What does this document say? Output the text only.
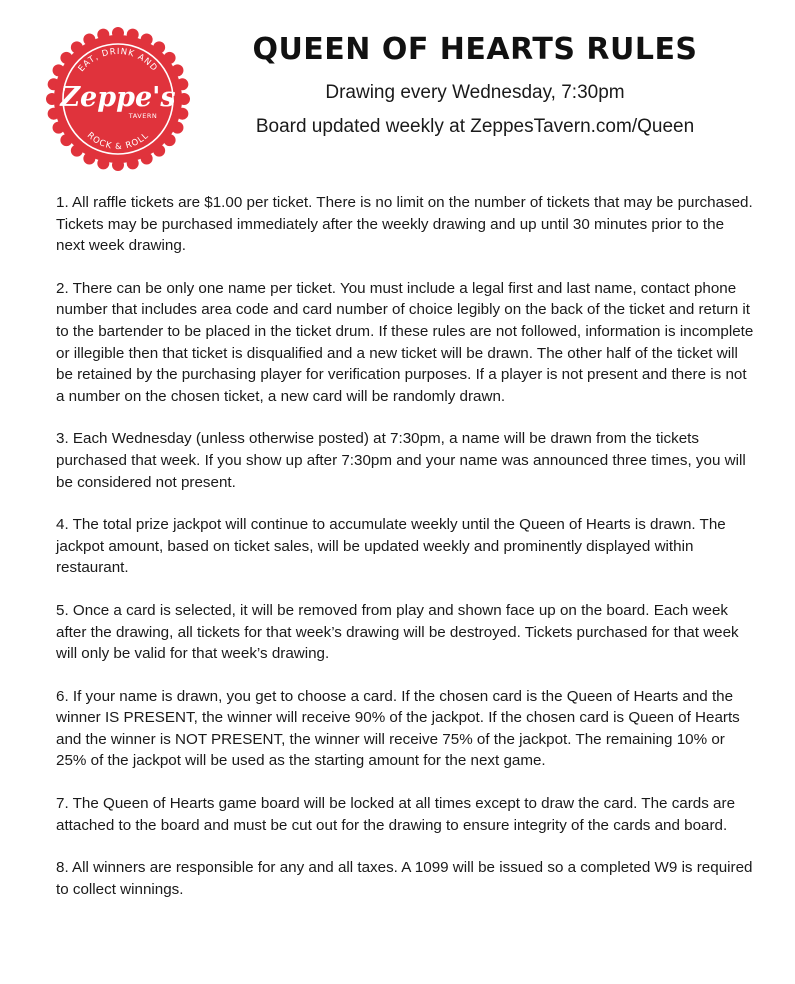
EAT, DRINK AND
Zeppe's
TAVERN
ROCK & ROLL
QUEEN OF HEARTS RULES

Drawing every Wednesday, 7:30pm

Board updated weekly at ZeppesTavern.com/Queen

1. All raffle tickets are $1.00 per ticket. There is no limit on the number of tickets that may be purchased. Tickets may be purchased immediately after the weekly drawing and up until 30 minutes prior to the next week drawing.

2. There can be only one name per ticket. You must include a legal first and last name, contact phone number that includes area code and card number of choice legibly on the back of the ticket and return it to the bartender to be placed in the ticket drum. If these rules are not followed, information is incomplete or illegible then that ticket is disqualified and a new ticket will be drawn. The other half of the ticket will be retained by the purchasing player for verification purposes. If a player is not present and there is not a number on the chosen ticket, a new card will be randomly drawn.

3. Each Wednesday (unless otherwise posted) at 7:30pm, a name will be drawn from the tickets purchased that week. If you show up after 7:30pm and your name was announced three times, you will be considered not present.

4. The total prize jackpot will continue to accumulate weekly until the Queen of Hearts is drawn. The jackpot amount, based on ticket sales, will be updated weekly and prominently displayed within restaurant.

5. Once a card is selected, it will be removed from play and shown face up on the board. Each week after the drawing, all tickets for that week’s drawing will be destroyed. Tickets purchased for that week will only be valid for that week’s drawing.

6. If your name is drawn, you get to choose a card. If the chosen card is the Queen of Hearts and the winner IS PRESENT, the winner will receive 90% of the jackpot. If the chosen card is Queen of Hearts and the winner is NOT PRESENT, the winner will receive 75% of the jackpot. The remaining 10% or 25% of the jackpot will be used as the starting amount for the next game.

7. The Queen of Hearts game board will be locked at all times except to draw the card. The cards are attached to the board and must be cut out for the drawing to ensure integrity of the cards and board.

8. All winners are responsible for any and all taxes. A 1099 will be issued so a completed W9 is required to collect winnings.
